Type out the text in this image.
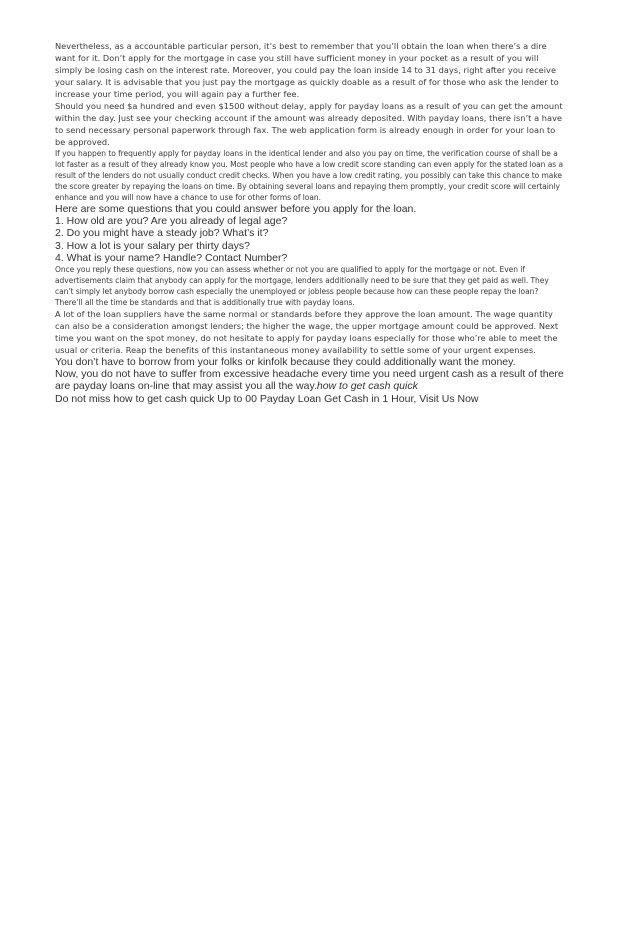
Nevertheless, as a accountable particular person, it’s best to remember that you’ll obtain the loan when there’s a dire want for it. Don’t apply for the mortgage in case you still have sufficient money in your pocket as a result of you will simply be losing cash on the interest rate. Moreover, you could pay the loan inside 14 to 31 days, right after you receive your salary. It is advisable that you just pay the mortgage as quickly doable as a result of for those who ask the lender to increase your time period, you will again pay a further fee.

Should you need $a hundred and even $1500 without delay, apply for payday loans as a result of you can get the amount within the day. Just see your checking account if the amount was already deposited. With payday loans, there isn’t a have to send necessary personal paperwork through fax. The web application form is already enough in order for your loan to be approved.

If you happen to frequently apply for payday loans in the identical lender and also you pay on time, the verification course of shall be a lot faster as a result of they already know you. Most people who have a low credit score standing can even apply for the stated loan as a result of the lenders do not usually conduct credit checks. When you have a low credit rating, you possibly can take this chance to make the score greater by repaying the loans on time. By obtaining several loans and repaying them promptly, your credit score will certainly enhance and you will now have a chance to use for other forms of loan.

Here are some questions that you could answer before you apply for the loan.

1. How old are you? Are you already of legal age?

2. Do you might have a steady job? What’s it?

3. How a lot is your salary per thirty days?

4. What is your name? Handle? Contact Number?

Once you reply these questions, now you can assess whether or not you are qualified to apply for the mortgage or not. Even if advertisements claim that anybody can apply for the mortgage, lenders additionally need to be sure that they get paid as well. They can’t simply let anybody borrow cash especially the unemployed or jobless people because how can these people repay the loan? There’ll all the time be standards and that is additionally true with payday loans.

A lot of the loan suppliers have the same normal or standards before they approve the loan amount. The wage quantity can also be a consideration amongst lenders; the higher the wage, the upper mortgage amount could be approved. Next time you want on the spot money, do not hesitate to apply for payday loans especially for those who’re able to meet the usual or criteria. Reap the benefits of this instantaneous money availability to settle some of your urgent expenses.

You don’t have to borrow from your folks or kinfolk because they could additionally want the money.

Now, you do not have to suffer from excessive headache every time you need urgent cash as a result of there are payday loans on-line that may assist you all the way.how to get cash quick

Do not miss how to get cash quick Up to 00 Payday Loan Get Cash in 1 Hour, Visit Us Now
